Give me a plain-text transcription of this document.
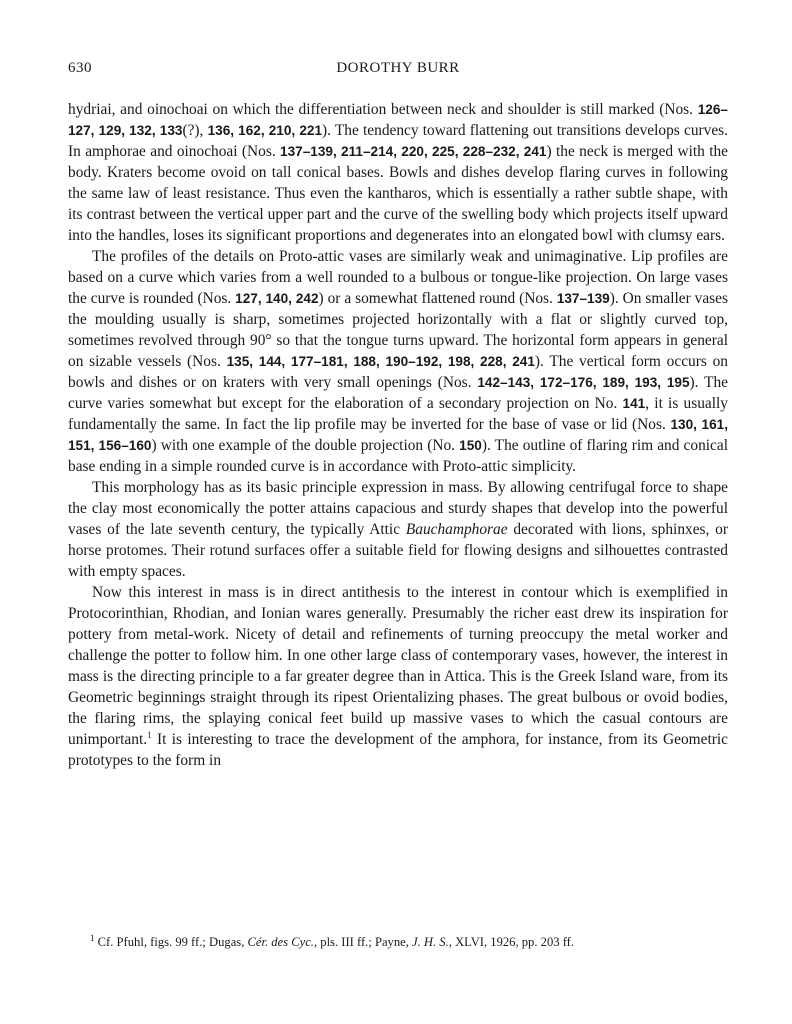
630	DOROTHY BURR

hydriai, and oinochoai on which the differentiation between neck and shoulder is still marked (Nos. 126–127, 129, 132, 133(?), 136, 162, 210, 221). The tendency toward flattening out transitions develops curves. In amphorae and oinochoai (Nos. 137–139, 211–214, 220, 225, 228–232, 241) the neck is merged with the body. Kraters become ovoid on tall conical bases. Bowls and dishes develop flaring curves in following the same law of least resistance. Thus even the kantharos, which is essentially a rather subtle shape, with its contrast between the vertical upper part and the curve of the swelling body which projects itself upward into the handles, loses its significant proportions and degenerates into an elongated bowl with clumsy ears.

The profiles of the details on Proto-attic vases are similarly weak and unimaginative. Lip profiles are based on a curve which varies from a well rounded to a bulbous or tongue-like projection. On large vases the curve is rounded (Nos. 127, 140, 242) or a somewhat flattened round (Nos. 137–139). On smaller vases the moulding usually is sharp, sometimes projected horizontally with a flat or slightly curved top, sometimes revolved through 90° so that the tongue turns upward. The horizontal form appears in general on sizable vessels (Nos. 135, 144, 177–181, 188, 190–192, 198, 228, 241). The vertical form occurs on bowls and dishes or on kraters with very small openings (Nos. 142–143, 172–176, 189, 193, 195). The curve varies somewhat but except for the elaboration of a secondary projection on No. 141, it is usually fundamentally the same. In fact the lip profile may be inverted for the base of vase or lid (Nos. 130, 161, 151, 156–160) with one example of the double projection (No. 150). The outline of flaring rim and conical base ending in a simple rounded curve is in accordance with Proto-attic simplicity.

This morphology has as its basic principle expression in mass. By allowing centrifugal force to shape the clay most economically the potter attains capacious and sturdy shapes that develop into the powerful vases of the late seventh century, the typically Attic Bauchamphorae decorated with lions, sphinxes, or horse protomes. Their rotund surfaces offer a suitable field for flowing designs and silhouettes contrasted with empty spaces.

Now this interest in mass is in direct antithesis to the interest in contour which is exemplified in Protocorinthian, Rhodian, and Ionian wares generally. Presumably the richer east drew its inspiration for pottery from metal-work. Nicety of detail and refinements of turning preoccupy the metal worker and challenge the potter to follow him. In one other large class of contemporary vases, however, the interest in mass is the directing principle to a far greater degree than in Attica. This is the Greek Island ware, from its Geometric beginnings straight through its ripest Orientalizing phases. The great bulbous or ovoid bodies, the flaring rims, the splaying conical feet build up massive vases to which the casual contours are unimportant.$^1$ It is interesting to trace the development of the amphora, for instance, from its Geometric prototypes to the form in

$^1$ Cf. Pfuhl, figs. 99 ff.; Dugas, Cér. des Cyc., pls. III ff.; Payne, J. H. S., XLVI, 1926, pp. 203 ff.
